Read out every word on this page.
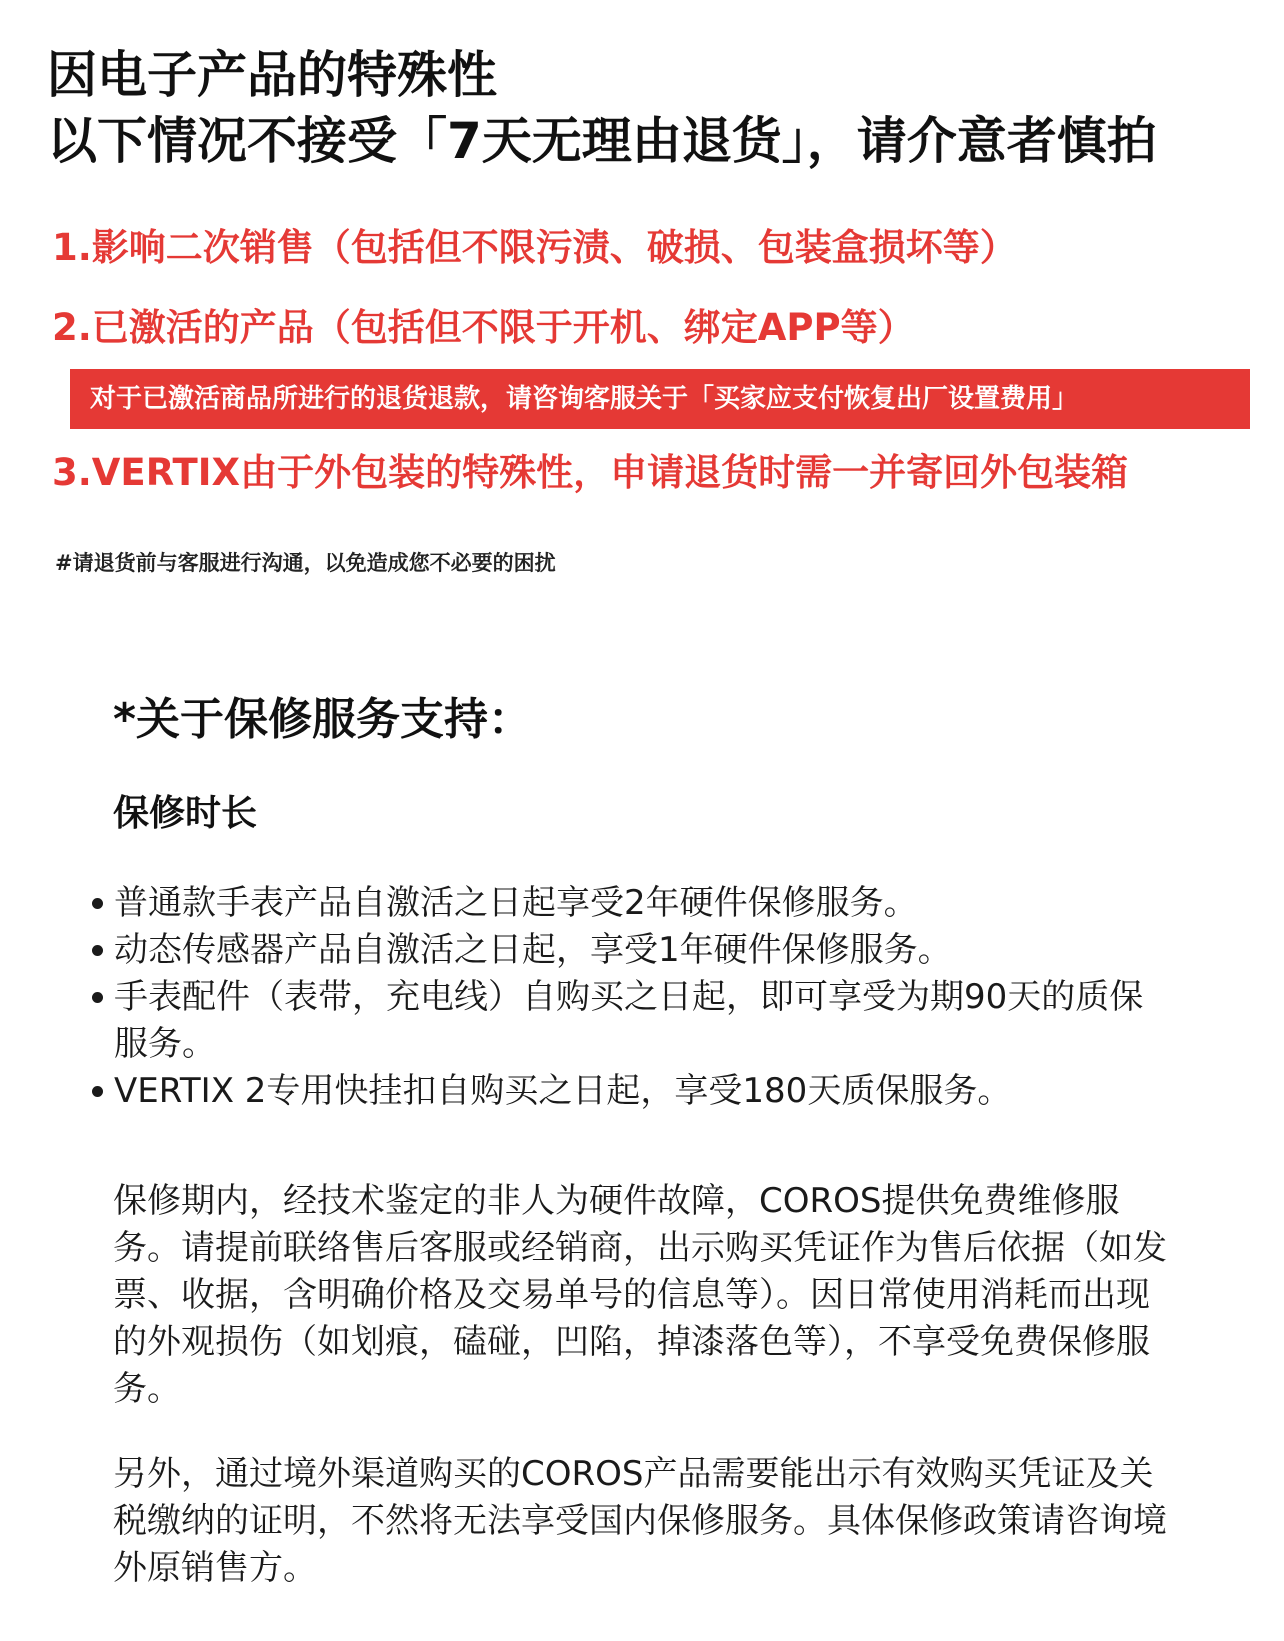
因电子产品的特殊性
以下情况不接受「7天无理由退货」，请介意者慎拍
1.影响二次销售（包括但不限污渍、破损、包装盒损坏等）
2.已激活的产品（包括但不限于开机、绑定APP等）
对于已激活商品所进行的退货退款，请咨询客服关于「买家应支付恢复出厂设置费用」
3.VERTIX由于外包装的特殊性，申请退货时需一并寄回外包装箱
#请退货前与客服进行沟通，以免造成您不必要的困扰
*关于保修服务支持：
保修时长
普通款手表产品自激活之日起享受2年硬件保修服务。
动态传感器产品自激活之日起，享受1年硬件保修服务。
手表配件（表带，充电线）自购买之日起，即可享受为期90天的质保服务。
VERTIX 2专用快挂扣自购买之日起，享受180天质保服务。

保修期内，经技术鉴定的非人为硬件故障，COROS提供免费维修服务。请提前联络售后客服或经销商，出示购买凭证作为售后依据（如发票、收据，含明确价格及交易单号的信息等）。因日常使用消耗而出现的外观损伤（如划痕，磕碰，凹陷，掉漆落色等），不享受免费保修服务。

另外，通过境外渠道购买的COROS产品需要能出示有效购买凭证及关税缴纳的证明，不然将无法享受国内保修服务。具体保修政策请咨询境外原销售方。
